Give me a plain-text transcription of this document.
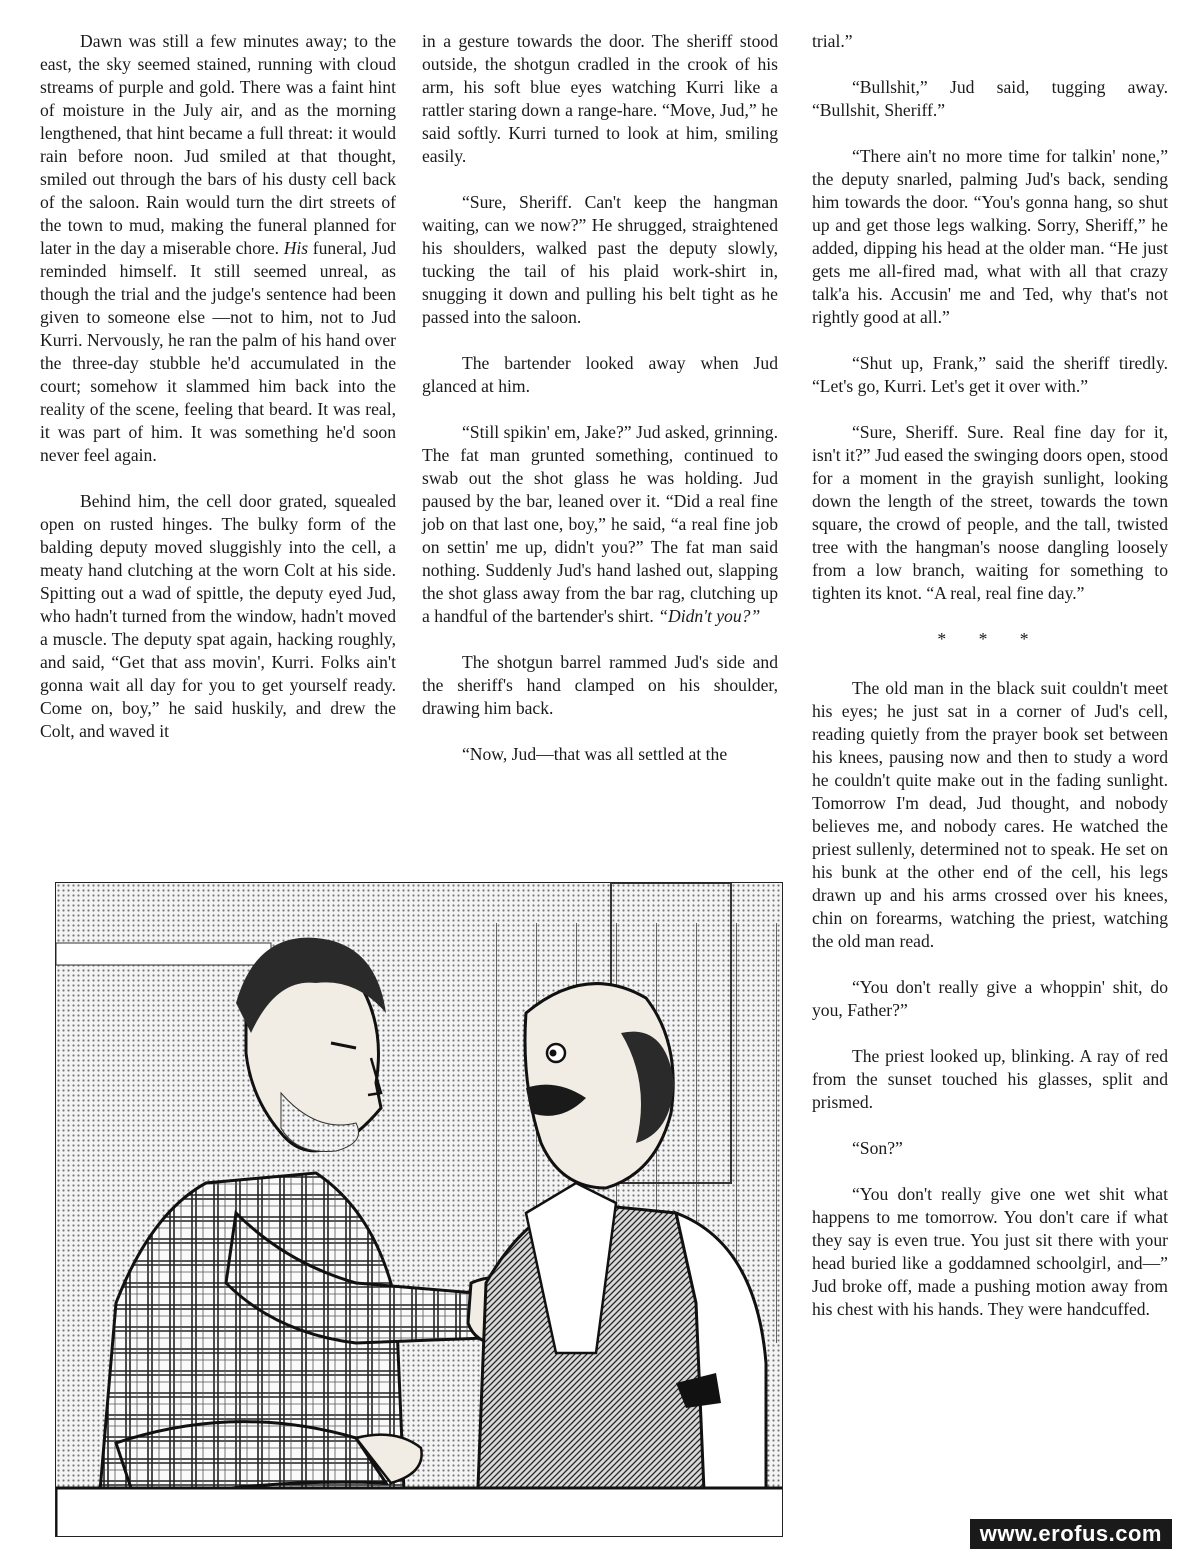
Dawn was still a few minutes away; to the east, the sky seemed stained, running with cloud streams of purple and gold. There was a faint hint of moisture in the July air, and as the morning lengthened, that hint became a full threat: it would rain before noon. Jud smiled at that thought, smiled out through the bars of his dusty cell back of the saloon. Rain would turn the dirt streets of the town to mud, making the funeral planned for later in the day a miserable chore. His funeral, Jud reminded himself. It still seemed unreal, as though the trial and the judge's sentence had been given to someone else —not to him, not to Jud Kurri. Nervously, he ran the palm of his hand over the three-day stubble he'd accumulated in the court; somehow it slammed him back into the reality of the scene, feeling that beard. It was real, it was part of him. It was something he'd soon never feel again.

Behind him, the cell door grated, squealed open on rusted hinges. The bulky form of the balding deputy moved sluggishly into the cell, a meaty hand clutching at the worn Colt at his side. Spitting out a wad of spittle, the deputy eyed Jud, who hadn't turned from the window, hadn't moved a muscle. The deputy spat again, hacking roughly, and said, “Get that ass movin', Kurri. Folks ain't gonna wait all day for you to get yourself ready. Come on, boy,” he said huskily, and drew the Colt, and waved it

in a gesture towards the door. The sheriff stood outside, the shotgun cradled in the crook of his arm, his soft blue eyes watching Kurri like a rattler staring down a range-hare. “Move, Jud,” he said softly. Kurri turned to look at him, smiling easily.

“Sure, Sheriff. Can't keep the hangman waiting, can we now?” He shrugged, straightened his shoulders, walked past the deputy slowly, tucking the tail of his plaid work-shirt in, snugging it down and pulling his belt tight as he passed into the saloon.

The bartender looked away when Jud glanced at him.

“Still spikin' em, Jake?” Jud asked, grinning. The fat man grunted something, continued to swab out the shot glass he was holding. Jud paused by the bar, leaned over it. “Did a real fine job on that last one, boy,” he said, “a real fine job on settin' me up, didn't you?” The fat man said nothing. Suddenly Jud's hand lashed out, slapping the shot glass away from the bar rag, clutching up a handful of the bartender's shirt. “Didn't you?”

The shotgun barrel rammed Jud's side and the sheriff's hand clamped on his shoulder, drawing him back.

“Now, Jud—that was all settled at the

trial.”

“Bullshit,” Jud said, tugging away. “Bullshit, Sheriff.”

“There ain't no more time for talkin' none,” the deputy snarled, palming Jud's back, sending him towards the door. “You's gonna hang, so shut up and get those legs walking. Sorry, Sheriff,” he added, dipping his head at the older man. “He just gets me all-fired mad, what with all that crazy talk'a his. Accusin' me and Ted, why that's not rightly good at all.”

“Shut up, Frank,” said the sheriff tiredly. “Let's go, Kurri. Let's get it over with.”

“Sure, Sheriff. Sure. Real fine day for it, isn't it?” Jud eased the swinging doors open, stood for a moment in the grayish sunlight, looking down the length of the street, towards the town square, the crowd of people, and the tall, twisted tree with the hangman's noose dangling loosely from a low branch, waiting for something to tighten its knot. “A real, real fine day.”

* * *

The old man in the black suit couldn't meet his eyes; he just sat in a corner of Jud's cell, reading quietly from the prayer book set between his knees, pausing now and then to study a word he couldn't quite make out in the fading sunlight. Tomorrow I'm dead, Jud thought, and nobody believes me, and nobody cares. He watched the priest sullenly, determined not to speak. He set on his bunk at the other end of the cell, his legs drawn up and his arms crossed over his knees, chin on forearms, watching the priest, watching the old man read.

“You don't really give a whoppin' shit, do you, Father?”

The priest looked up, blinking. A ray of red from the sunset touched his glasses, split and prismed.

“Son?”

“You don't really give one wet shit what happens to me tomorrow. You don't care if what they say is even true. You just sit there with your head buried like a goddamned schoolgirl, and—” Jud broke off, made a pushing motion away from his chest with his hands. They were handcuffed.

www.erofus.com
